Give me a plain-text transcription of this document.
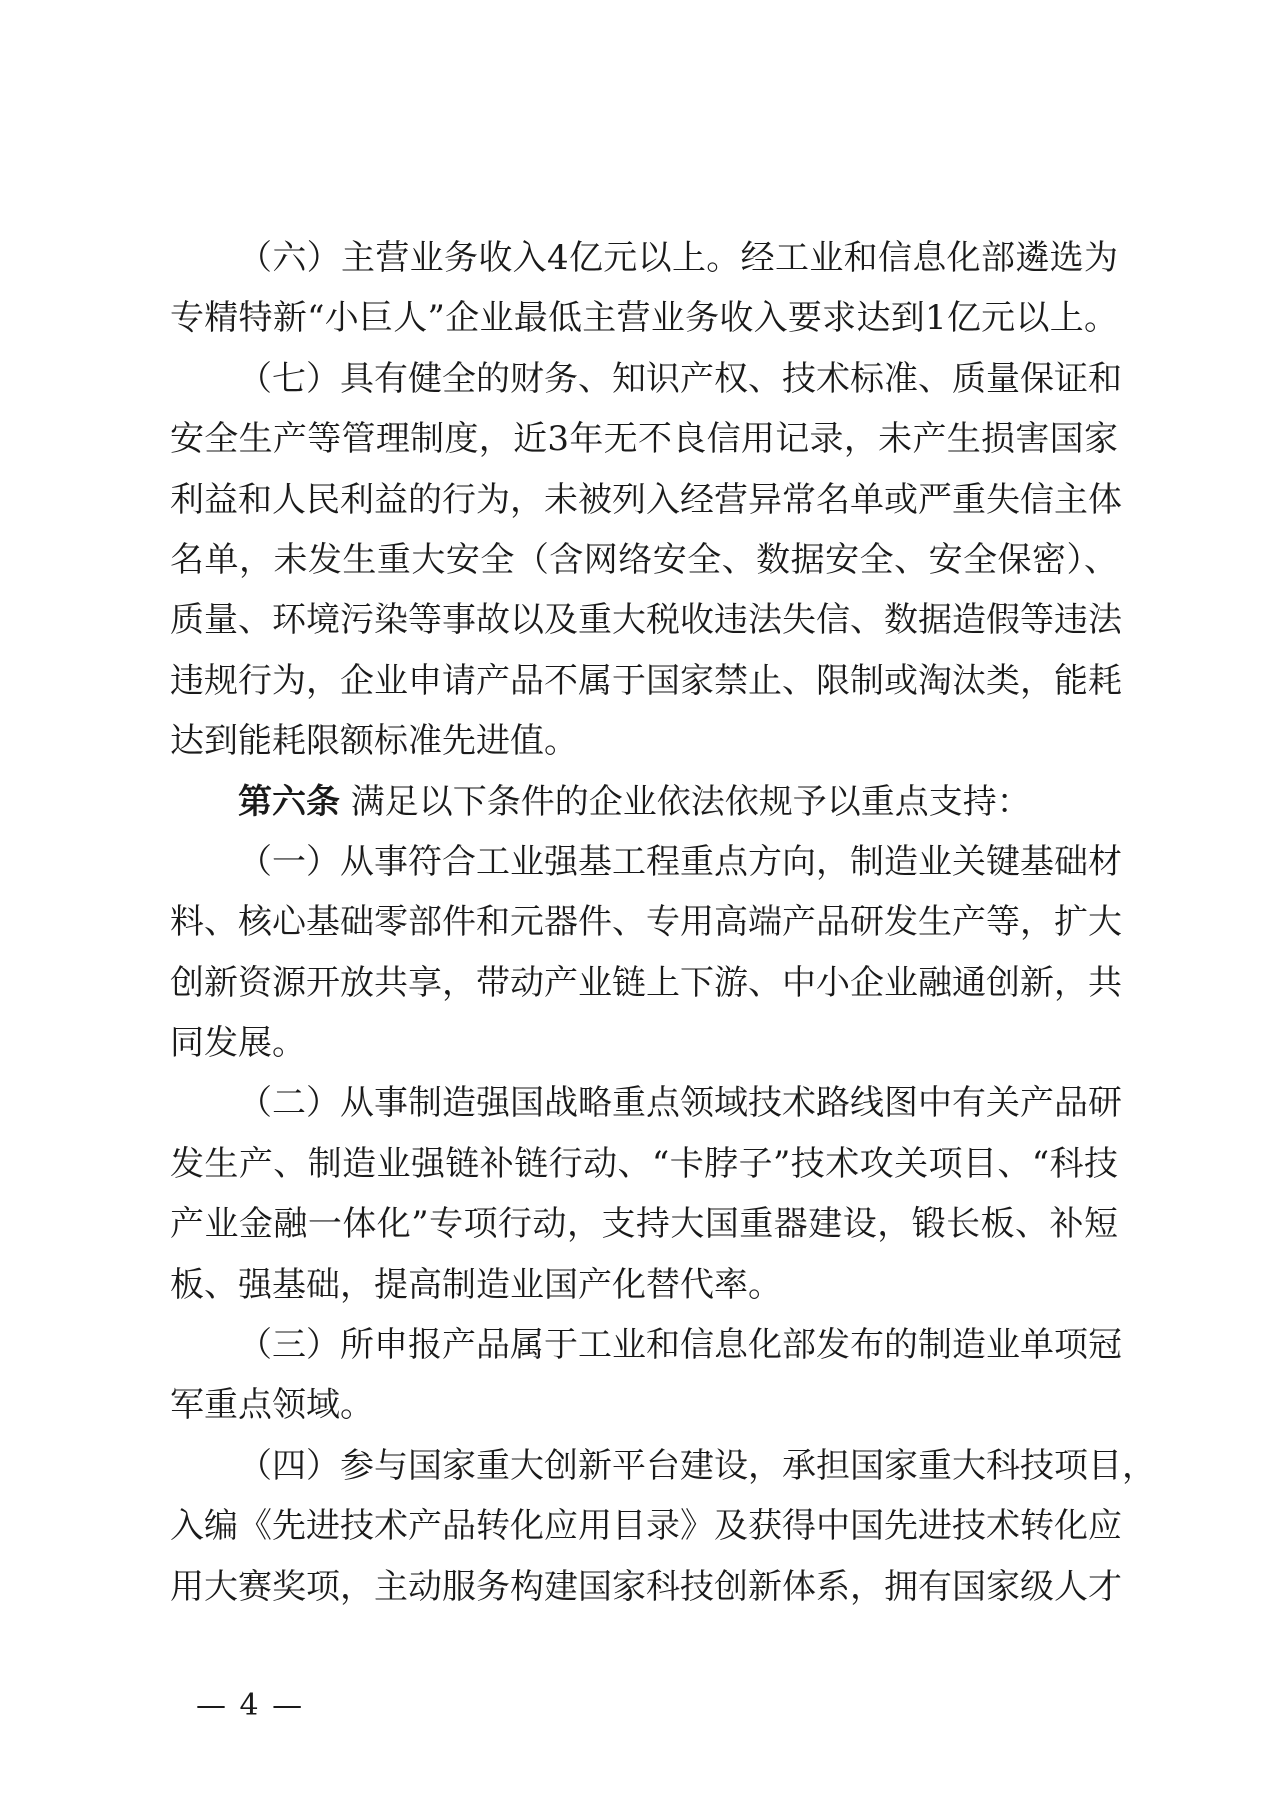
（六）主营业务收入4亿元以上。经工业和信息化部遴选为
专精特新“小巨人”企业最低主营业务收入要求达到1亿元以上。
（七）具有健全的财务、知识产权、技术标准、质量保证和
安全生产等管理制度，近3年无不良信用记录，未产生损害国家
利益和人民利益的行为，未被列入经营异常名单或严重失信主体
名单，未发生重大安全（含网络安全、数据安全、安全保密）、
质量、环境污染等事故以及重大税收违法失信、数据造假等违法
违规行为，企业申请产品不属于国家禁止、限制或淘汰类，能耗
达到能耗限额标准先进值。
第六条 满足以下条件的企业依法依规予以重点支持：
（一）从事符合工业强基工程重点方向，制造业关键基础材
料、核心基础零部件和元器件、专用高端产品研发生产等，扩大
创新资源开放共享，带动产业链上下游、中小企业融通创新，共
同发展。
（二）从事制造强国战略重点领域技术路线图中有关产品研
发生产、制造业强链补链行动、“卡脖子”技术攻关项目、“科技
产业金融一体化”专项行动，支持大国重器建设，锻长板、补短
板、强基础，提高制造业国产化替代率。
（三）所申报产品属于工业和信息化部发布的制造业单项冠
军重点领域。
（四）参与国家重大创新平台建设，承担国家重大科技项目，
入编《先进技术产品转化应用目录》及获得中国先进技术转化应
用大赛奖项，主动服务构建国家科技创新体系，拥有国家级人才
— 4 —
